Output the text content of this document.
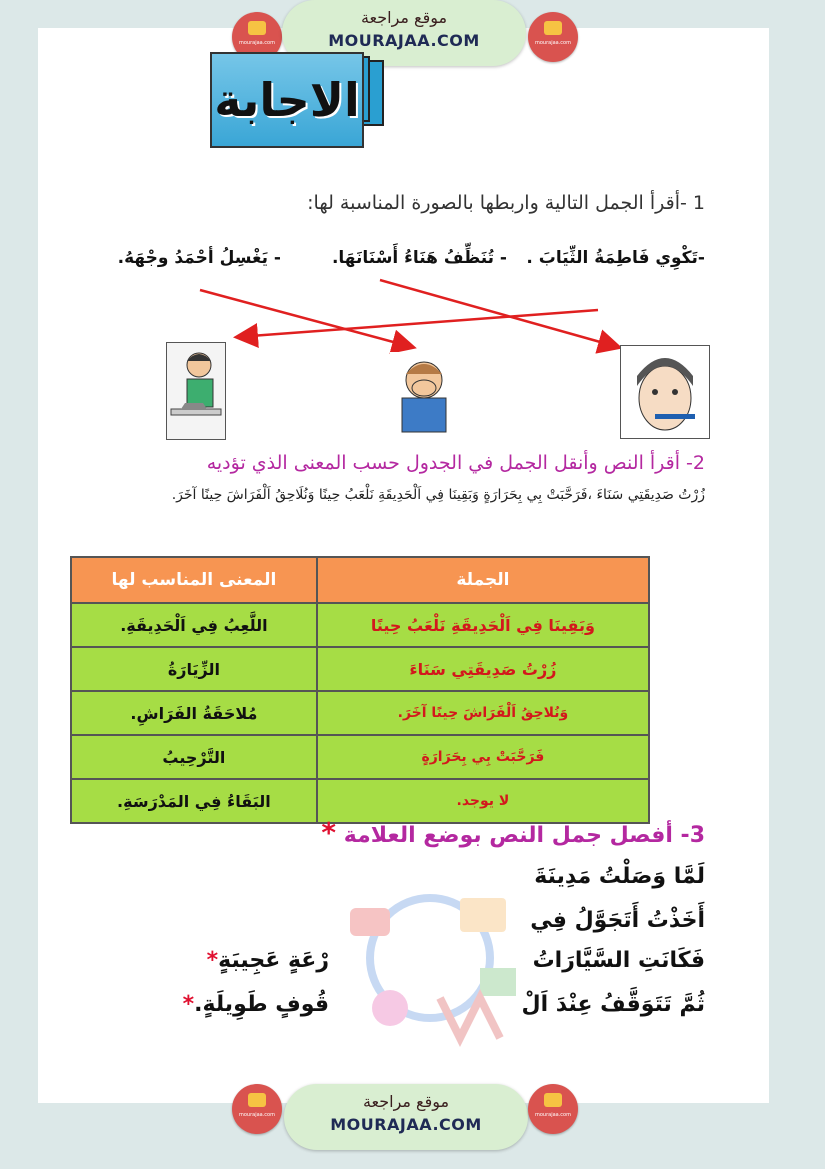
mourajaa.com
موقع مراجعة
MOURAJAA.COM	mourajaa.com
الاجابة
1 -أقرأ الجمل التالية واربطها بالصورة المناسبة لها:
-تَكْوِي فَاطِمَةُ الثِّيَابَ .
- تُنَظِّفُ هَنَاءُ أَسْنَانَهَا.
- يَغْسِلُ أحْمَدُ وجْهَهُ.
2- أقرأ النص وأنقل الجمل في الجدول حسب المعنى الذي تؤديه
زُرْتُ صَدِيقَتِي سَنَاءَ ،فَرَحَّبَتْ بِي بِحَرَارَةٍ وَبَقِينَا فِي اَلْحَدِيقَةِ نَلْعَبُ حِينًا وَنُلَاحِقُ اَلْفَرَاشَ حِينًا آخَرَ.
المعنى المناسب لها	الجملة
اللَّعِبُ فِي اَلْحَدِيقَةِ.	وَبَقِينَا فِي اَلْحَدِيقَةِ نَلْعَبُ حِينًا
الزِّيَارَةُ	زُرْتُ صَدِيقَتِي سَنَاءَ
مُلاحَقَةُ الفَرَاشِ.	وَنُلاحِقُ اَلْفَرَاشَ حِينًا آخَرَ.
التَّرْحِيبُ	فَرَحَّبَتْ بِي بِحَرَارَةٍ
البَقَاءُ فِي المَدْرَسَةِ.	لا يوجد.
3- أفصل جمل النص بوضع العلامة *
لَمَّا وَصَلْتُ مَدِينَةَ
أَخَذْتُ أَتَجَوَّلُ فِي
فَكَانَتِ السَّيَّارَاتُ
ثُمَّ تَتَوَقَّفُ عِنْدَ اَلْ
رْعَةٍ عَجِيبَةٍ*
قُوفٍ طَوِيلَةٍ.*
mourajaa.com
موقع مراجعة
MOURAJAA.COM	mourajaa.com
